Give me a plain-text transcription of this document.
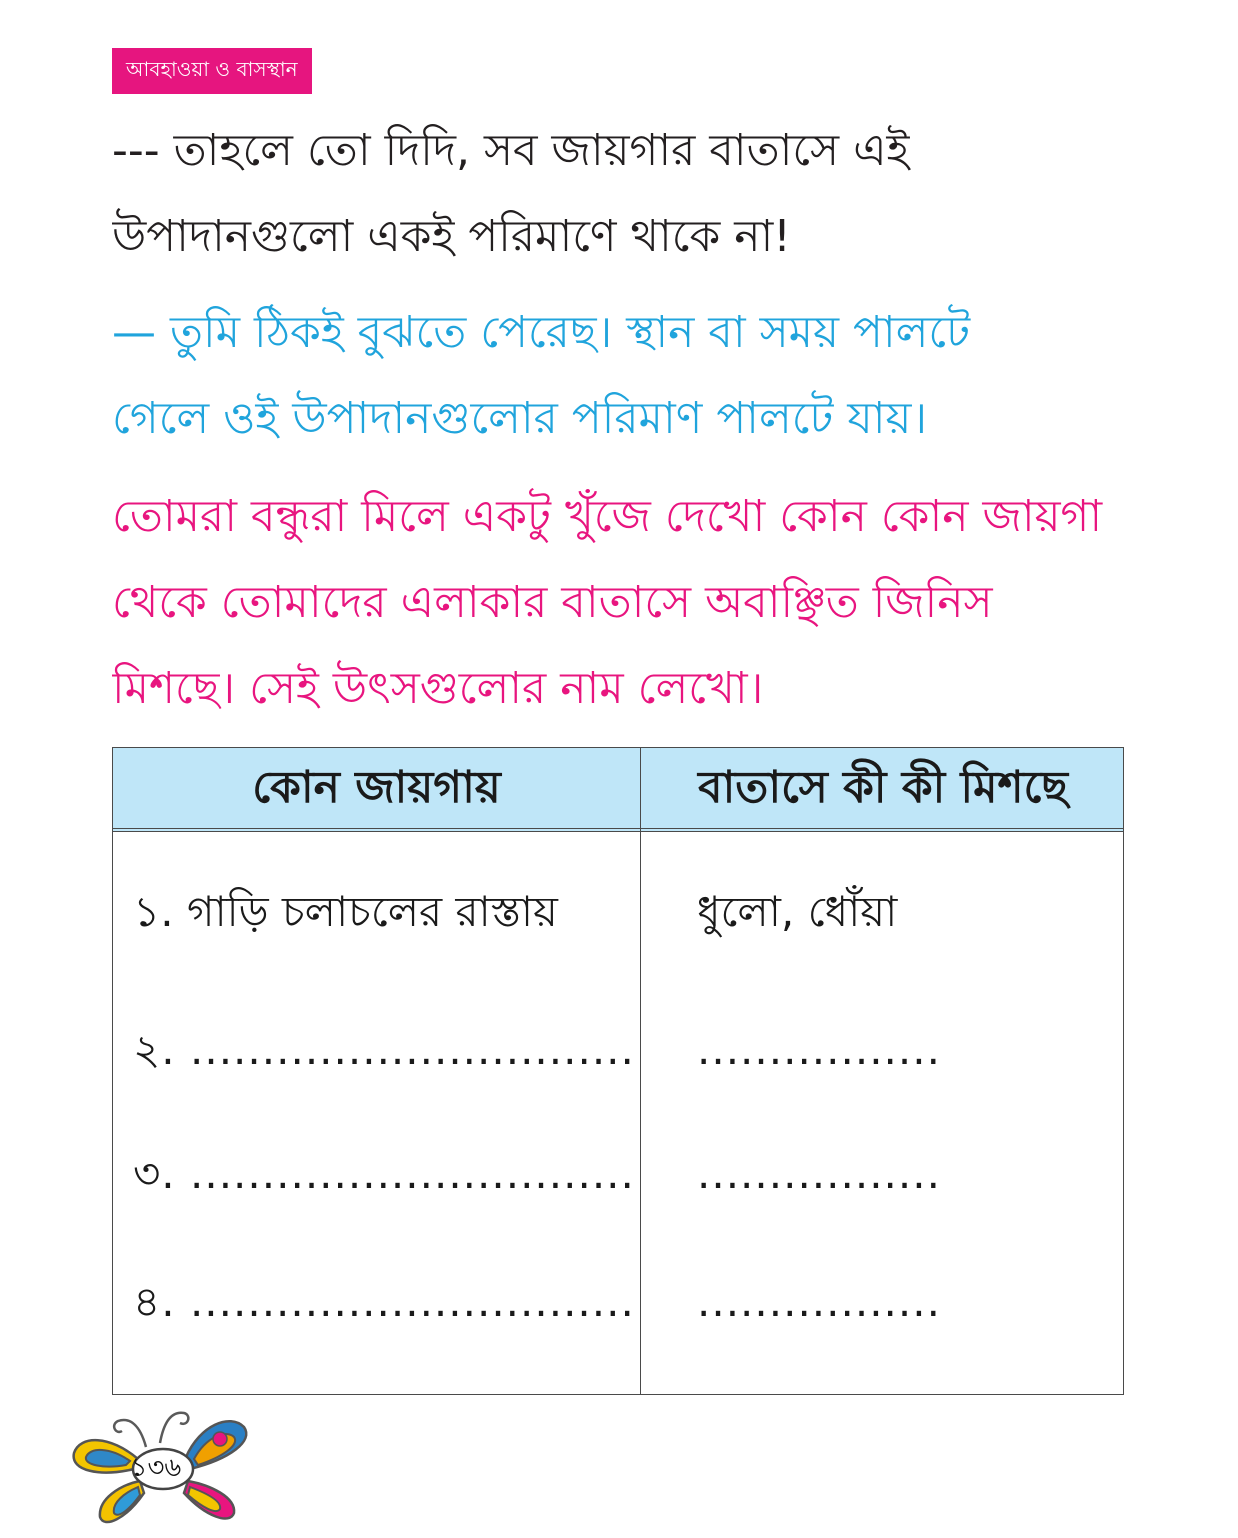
আবহাওয়া ও বাসস্থান
--- তাহলে তো দিদি, সব জায়গার বাতাসে এই
উপাদানগুলো একই পরিমাণে থাকে না!
— তুমি ঠিকই বুঝতে পেরেছ। স্থান বা সময় পালটে
গেলে ওই উপাদানগুলোর পরিমাণ পালটে যায়।
তোমরা বন্ধুরা মিলে একটু খুঁজে দেখো কোন কোন জায়গা
থেকে তোমাদের এলাকার বাতাসে অবাঞ্ছিত জিনিস
মিশছে। সেই উৎসগুলোর নাম লেখো।
কোন জায়গায়	বাতাসে কী কী মিশছে
১. গাড়ি চলাচলের রাস্তায়	ধুলো, ধোঁয়া
২. ............................... .................
৩. ............................... .................
৪. ............................... .................
১৩৬
